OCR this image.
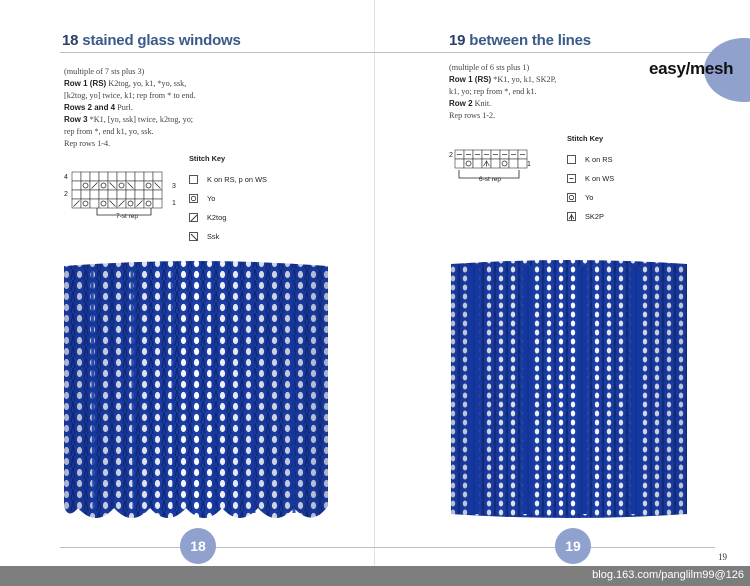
18 stained glass windows
(multiple of 7 sts plus 3)
Row 1 (RS) K2tog, yo, k1, *yo, ssk,
[k2tog, yo] twice, k1; rep from * to end.
Rows 2 and 4 Purl.
Row 3 *K1, [yo, ssk] twice, k2tog, yo;
rep from *, end k1, yo, ssk.
Rep rows 1-4.
4
3
2
1
7-st rep
Stitch Key
K on RS, p on WS
Yo
K2tog
Ssk
18
19 between the lines
(multiple of 6 sts plus 1)
Row 1 (RS) *K1, yo, k1, SK2P,
k1, yo; rep from *, end k1.
Row 2 Knit.
Rep rows 1-2.
2
1
6-st rep
Stitch Key
K on RS
K on WS
Yo
SK2P
19
easy/mesh
19
blog.163.com/panglilm99@126
